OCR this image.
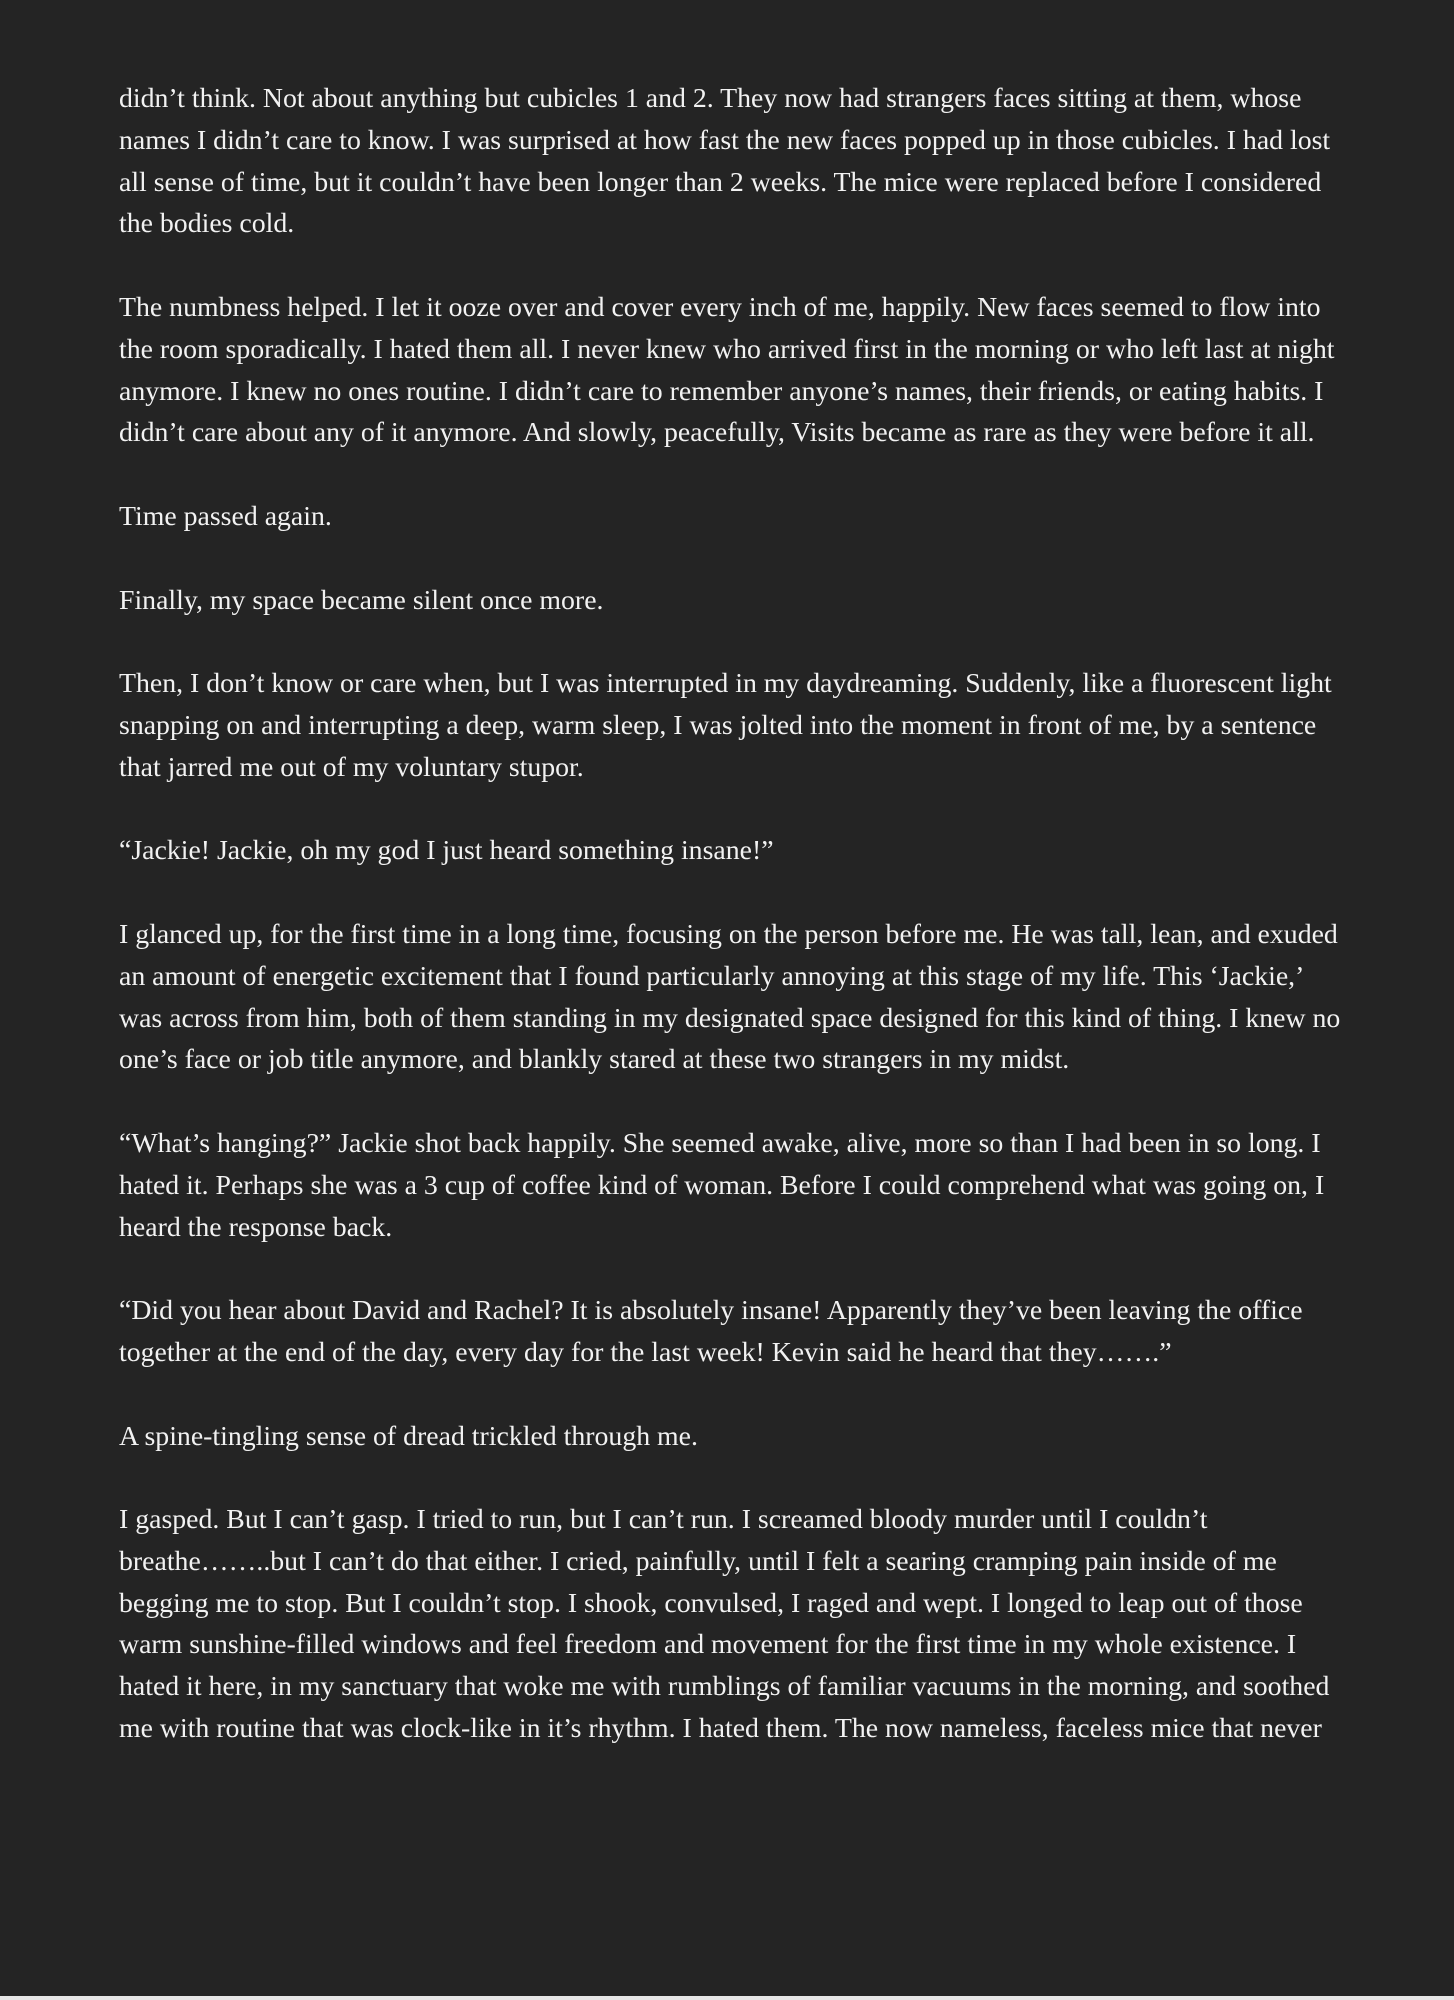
didn’t think. Not about anything but cubicles 1 and 2. They now had strangers faces sitting at them, whose names I didn’t care to know. I was surprised at how fast the new faces popped up in those cubicles. I had lost all sense of time, but it couldn’t have been longer than 2 weeks. The mice were replaced before I considered the bodies cold.

The numbness helped. I let it ooze over and cover every inch of me, happily. New faces seemed to flow into the room sporadically. I hated them all. I never knew who arrived first in the morning or who left last at night anymore. I knew no ones routine. I didn’t care to remember anyone’s names, their friends, or eating habits. I didn’t care about any of it anymore. And slowly, peacefully, Visits became as rare as they were before it all.

Time passed again.

Finally, my space became silent once more.

Then, I don’t know or care when, but I was interrupted in my daydreaming. Suddenly, like a fluorescent light snapping on and interrupting a deep, warm sleep, I was jolted into the moment in front of me, by a sentence that jarred me out of my voluntary stupor.

“Jackie! Jackie, oh my god I just heard something insane!”

I glanced up, for the first time in a long time, focusing on the person before me. He was tall, lean, and exuded an amount of energetic excitement that I found particularly annoying at this stage of my life. This ‘Jackie,’ was across from him, both of them standing in my designated space designed for this kind of thing. I knew no one’s face or job title anymore, and blankly stared at these two strangers in my midst.

“What’s hanging?” Jackie shot back happily. She seemed awake, alive, more so than I had been in so long. I hated it. Perhaps she was a 3 cup of coffee kind of woman. Before I could comprehend what was going on, I heard the response back.

“Did you hear about David and Rachel? It is absolutely insane! Apparently they’ve been leaving the office together at the end of the day, every day for the last week! Kevin said he heard that they…….”

A spine-tingling sense of dread trickled through me.

I gasped. But I can’t gasp. I tried to run, but I can’t run. I screamed bloody murder until I couldn’t breathe……..but I can’t do that either. I cried, painfully, until I felt a searing cramping pain inside of me begging me to stop. But I couldn’t stop. I shook, convulsed, I raged and wept. I longed to leap out of those warm sunshine-filled windows and feel freedom and movement for the first time in my whole existence. I hated it here, in my sanctuary that woke me with rumblings of familiar vacuums in the morning, and soothed me with routine that was clock-like in it’s rhythm. I hated them. The now nameless, faceless mice that never
